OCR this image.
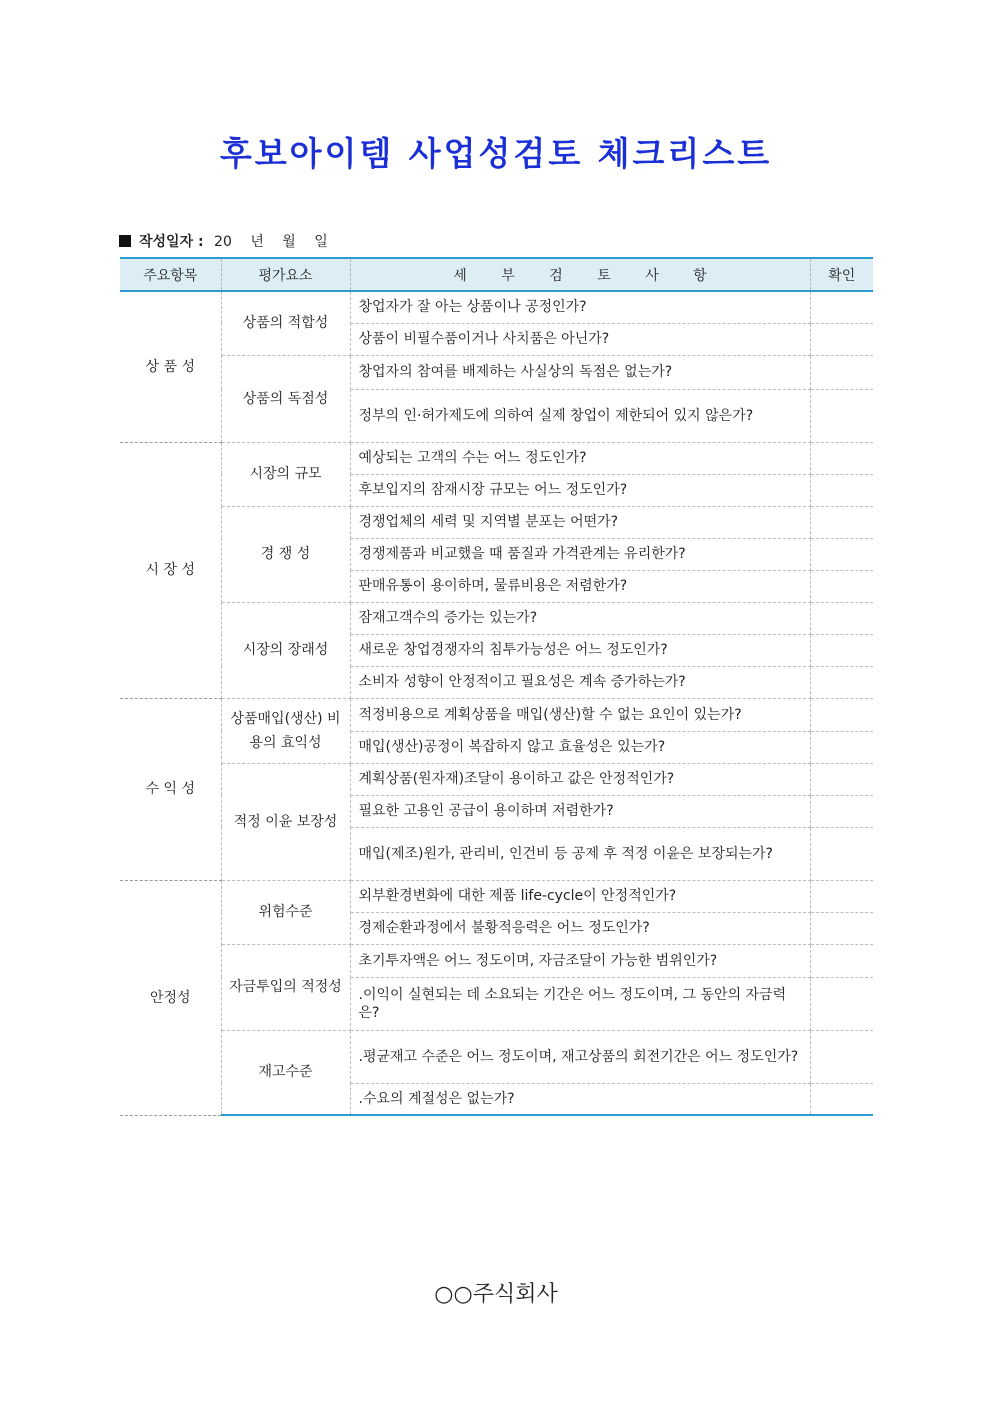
후보아이템 사업성검토 체크리스트
작성일자 : 20 년 월 일
주요항목	평가요소	세 부 검 토 사 항	확인
상 품 성	상품의 적합성	창업자가 잘 아는 상품이나 공정인가?	
		상품이 비필수품이거나 사치품은 아닌가?	
	상품의 독점성	창업자의 참여를 배제하는 사실상의 독점은 없는가?	
		정부의 인·허가제도에 의하여 실제 창업이 제한되어 있지 않은가?	
시 장 성	시장의 규모	예상되는 고객의 수는 어느 정도인가?	
		후보입지의 잠재시장 규모는 어느 정도인가?	
	경 쟁 성	경쟁업체의 세력 및 지역별 분포는 어떤가?	
		경쟁제품과 비교했을 때 품질과 가격관계는 유리한가?	
		판매유통이 용이하며, 물류비용은 저렴한가?	
	시장의 장래성	잠재고객수의 증가는 있는가?	
		새로운 창업경쟁자의 침투가능성은 어느 정도인가?	
		소비자 성향이 안정적이고 필요성은 계속 증가하는가?	
수 익 성	상품매입(생산) 비용의 효익성	적정비용으로 계획상품을 매입(생산)할 수 없는 요인이 있는가?	
		매입(생산)공정이 복잡하지 않고 효율성은 있는가?	
	적정 이윤 보장성	계획상품(원자재)조달이 용이하고 값은 안정적인가?	
		필요한 고용인 공급이 용이하며 저렴한가?	
		매입(제조)원가, 관리비, 인건비 등 공제 후 적정 이윤은 보장되는가?	
안정성	위험수준	외부환경변화에 대한 제품 life-cycle이 안정적인가?	
		경제순환과정에서 불황적응력은 어느 정도인가?	
	자금투입의 적정성	초기투자액은 어느 정도이며, 자금조달이 가능한 범위인가?	
		.이익이 실현되는 데 소요되는 기간은 어느 정도이며, 그 동안의 자금력은?	
	재고수준	.평균재고 수준은 어느 정도이며, 재고상품의 회전기간은 어느 정도인가?	
		.수요의 계절성은 없는가?	
○○주식회사
